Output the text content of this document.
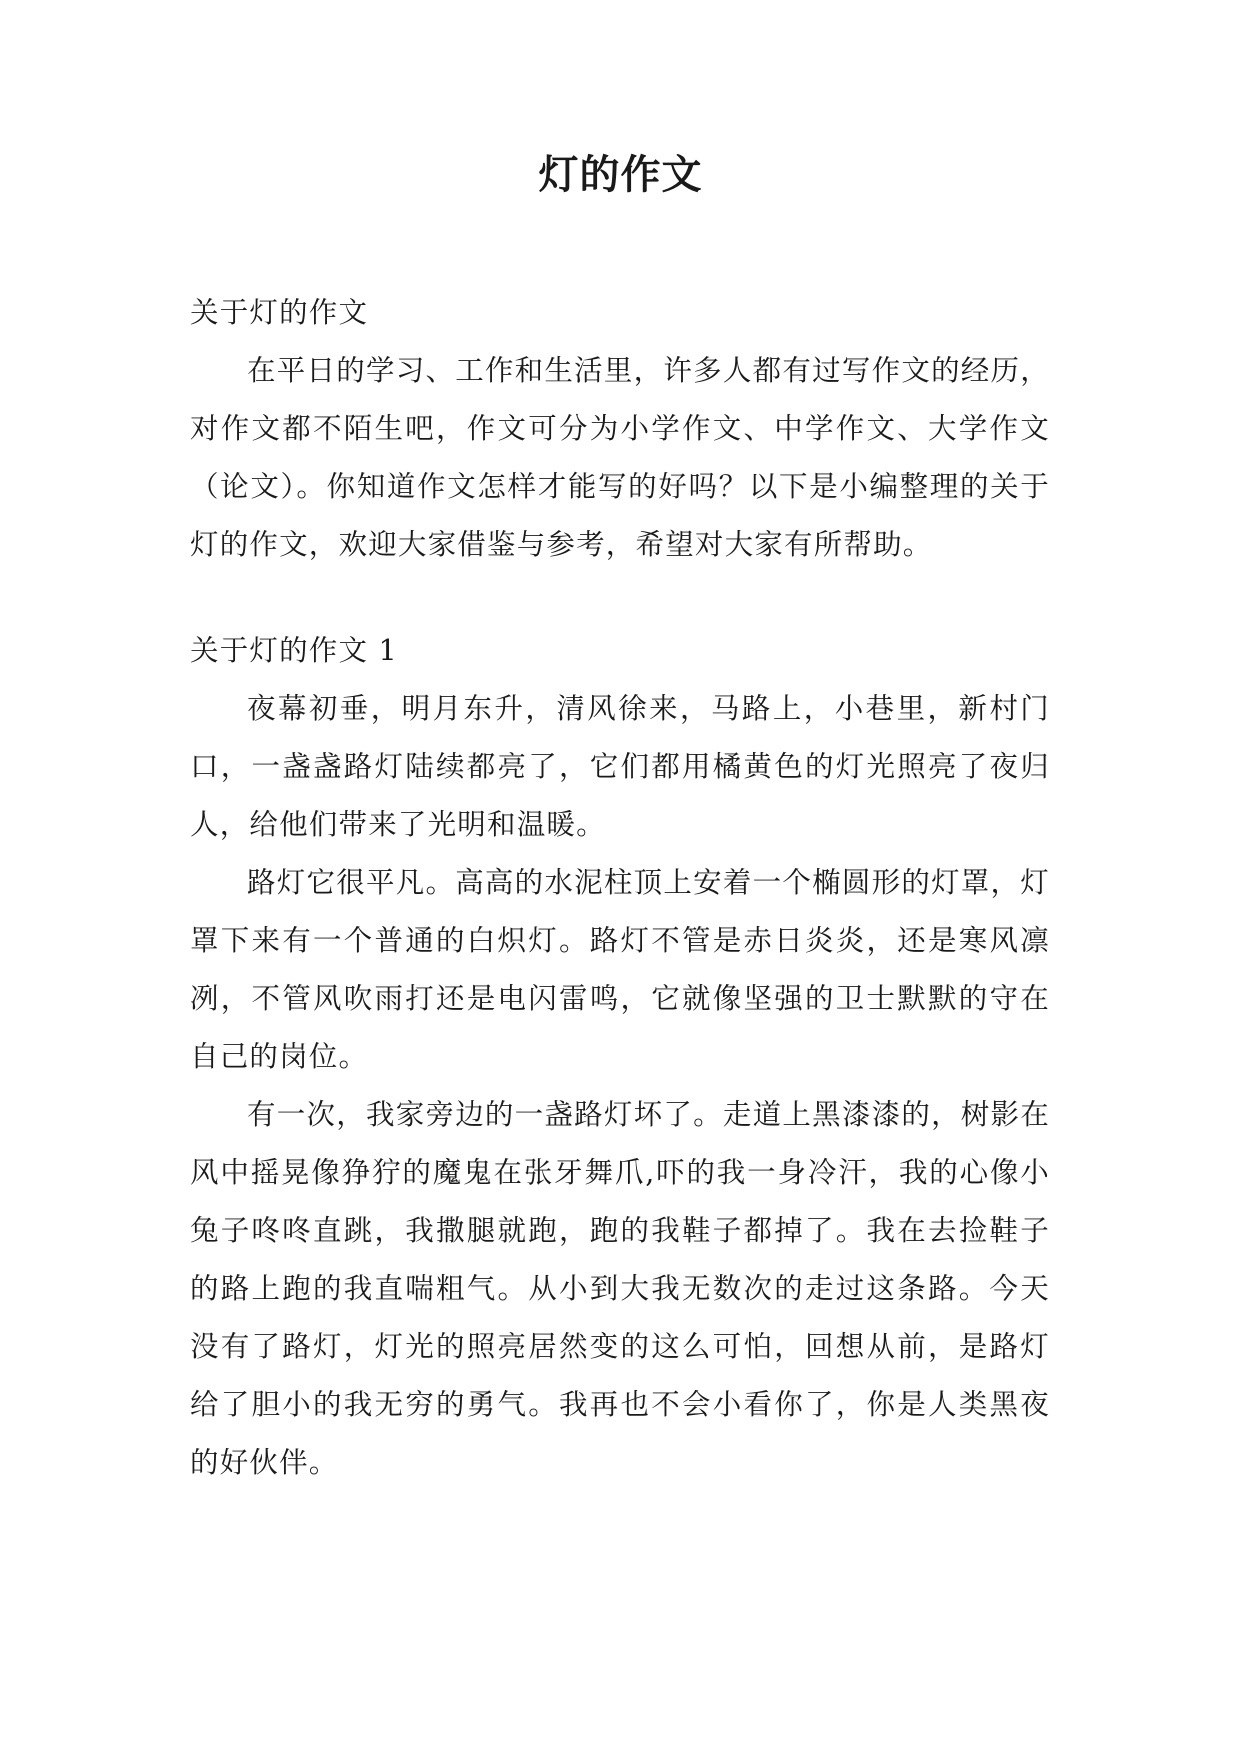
灯的作文

关于灯的作文

在平日的学习、工作和生活里，许多人都有过写作文的经历，对作文都不陌生吧，作文可分为小学作文、中学作文、大学作文（论文）。你知道作文怎样才能写的好吗？以下是小编整理的关于灯的作文，欢迎大家借鉴与参考，希望对大家有所帮助。

关于灯的作文 1

夜幕初垂，明月东升，清风徐来，马路上，小巷里，新村门口，一盏盏路灯陆续都亮了，它们都用橘黄色的灯光照亮了夜归人，给他们带来了光明和温暖。

路灯它很平凡。高高的水泥柱顶上安着一个椭圆形的灯罩，灯罩下来有一个普通的白炽灯。路灯不管是赤日炎炎，还是寒风凛冽，不管风吹雨打还是电闪雷鸣，它就像坚强的卫士默默的守在自己的岗位。

有一次，我家旁边的一盏路灯坏了。走道上黑漆漆的，树影在风中摇晃像狰狞的魔鬼在张牙舞爪,吓的我一身冷汗，我的心像小兔子咚咚直跳，我撒腿就跑，跑的我鞋子都掉了。我在去捡鞋子的路上跑的我直喘粗气。从小到大我无数次的走过这条路。今天没有了路灯，灯光的照亮居然变的这么可怕，回想从前，是路灯给了胆小的我无穷的勇气。我再也不会小看你了，你是人类黑夜的好伙伴。
